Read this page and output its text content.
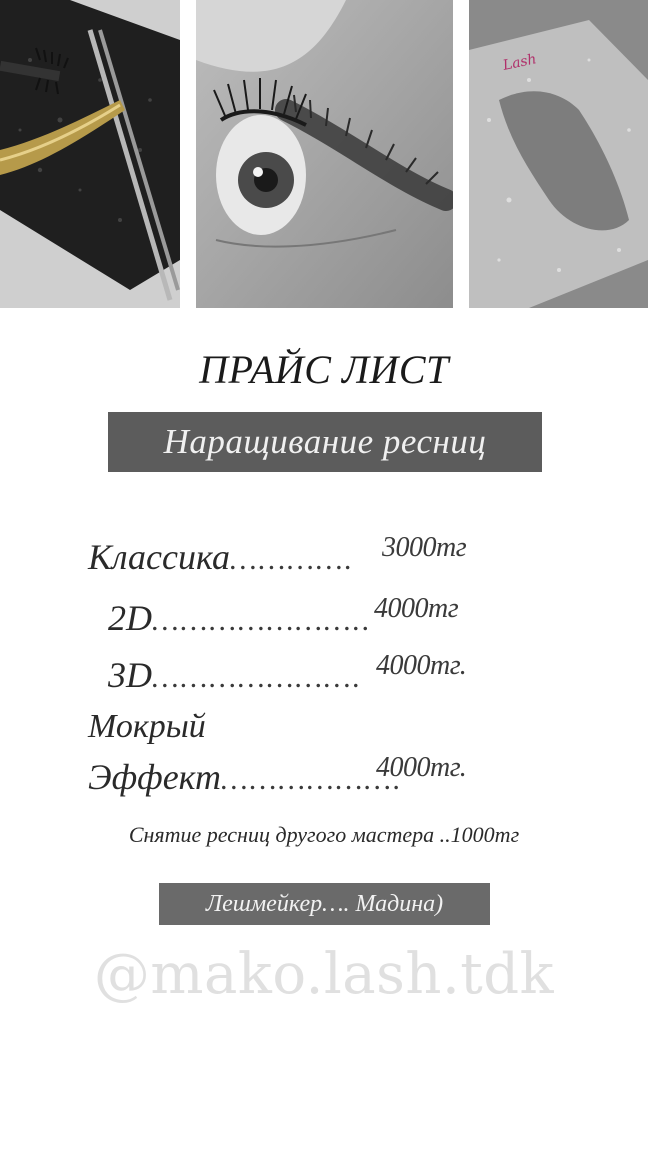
Lash
ПРАЙС ЛИСТ
Наращивание ресниц
Классика…………. 3000тг
2D………………….. 4000тг
3D…………………. 4000тг.
Мокрый
Эффект……………….
4000тг.
Снятие ресниц другого мастера ..1000тг
Лешмейкер…. Мадина)
@mako.lash.tdk
